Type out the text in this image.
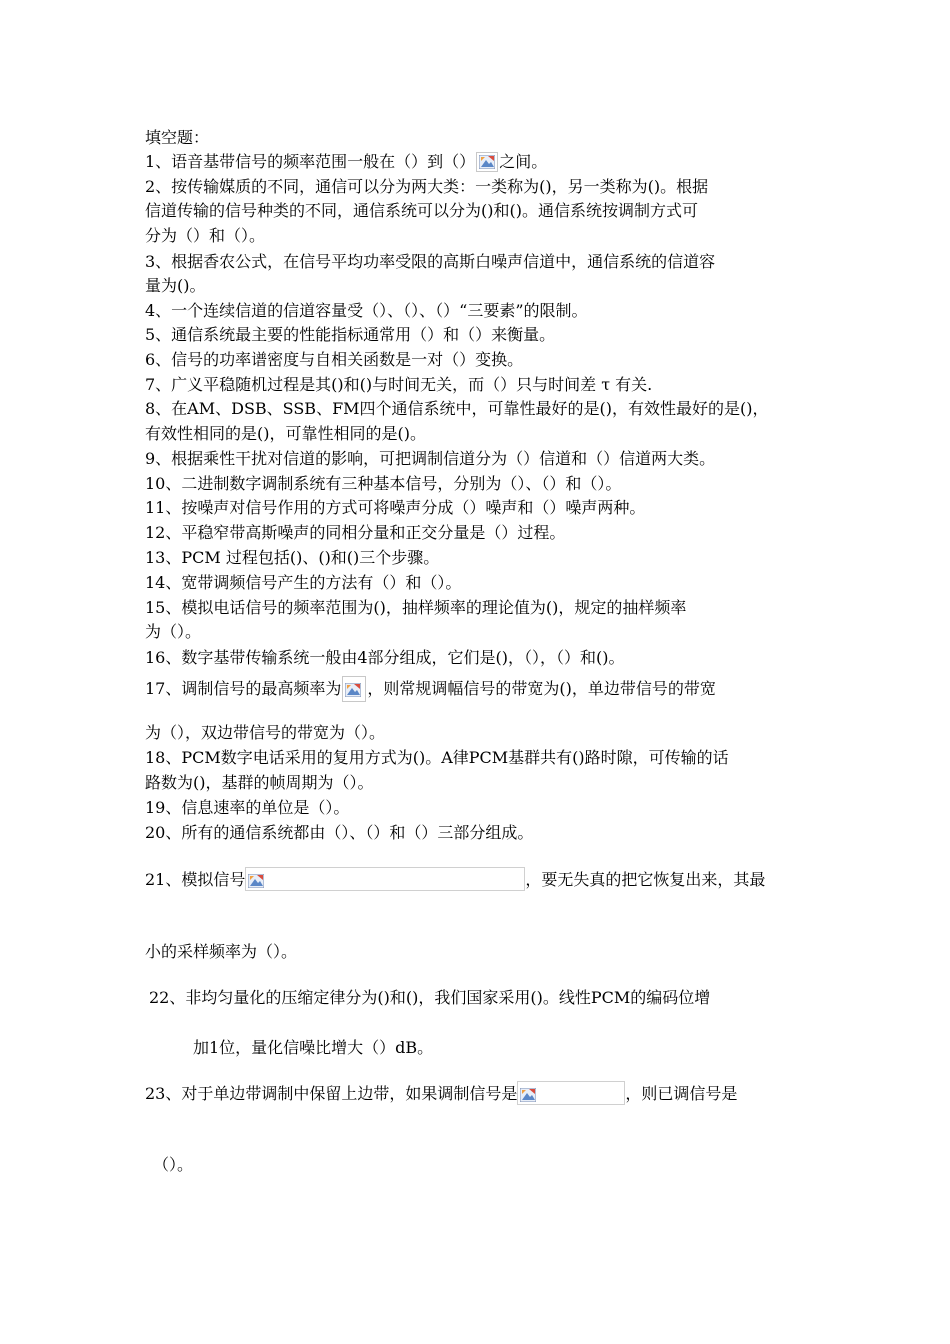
填空题：
1、语音基带信号的频率范围一般在（）到（） 之间。
2、按传输媒质的不同，通信可以分为两大类：一类称为()，另一类称为()。根据
信道传输的信号种类的不同，通信系统可以分为()和()。通信系统按调制方式可
分为（）和（）。
3、根据香农公式，在信号平均功率受限的高斯白噪声信道中，通信系统的信道容
量为()。
4、一个连续信道的信道容量受（）、（）、（）“三要素”的限制。
5、通信系统最主要的性能指标通常用（）和（）来衡量。
6、信号的功率谱密度与自相关函数是一对（）变换。
7、广义平稳随机过程是其()和()与时间无关，而（）只与时间差 τ 有关.
8、在AM、DSB、SSB、FM四个通信系统中，可靠性最好的是()，有效性最好的是()，
有效性相同的是()，可靠性相同的是()。
9、根据乘性干扰对信道的影响，可把调制信道分为（）信道和（）信道两大类。
10、二进制数字调制系统有三种基本信号，分别为（）、（）和（）。
11、按噪声对信号作用的方式可将噪声分成（）噪声和（）噪声两种。
12、平稳窄带高斯噪声的同相分量和正交分量是（）过程。
13、PCM 过程包括()、()和()三个步骤。
14、宽带调频信号产生的方法有（）和（）。
15、模拟电话信号的频率范围为()，抽样频率的理论值为()，规定的抽样频率
为（）。
16、数字基带传输系统一般由4部分组成，它们是()，（），（）和()。
17、调制信号的最高频率为 ，则常规调幅信号的带宽为()，单边带信号的带宽
为（），双边带信号的带宽为（）。
18、PCM数字电话采用的复用方式为()。A律PCM基群共有()路时隙，可传输的话
路数为()，基群的帧周期为（）。
19、信息速率的单位是（）。
20、所有的通信系统都由（）、（）和（）三部分组成。
21、模拟信号	，要无失真的把它恢复出来，其最
小的采样频率为（）。
22、非均匀量化的压缩定律分为()和()，我们国家采用()。线性PCM的编码位增
加1位，量化信噪比增大（）dB。
23、对于单边带调制中保留上边带，如果调制信号是	，则已调信号是
（）。
